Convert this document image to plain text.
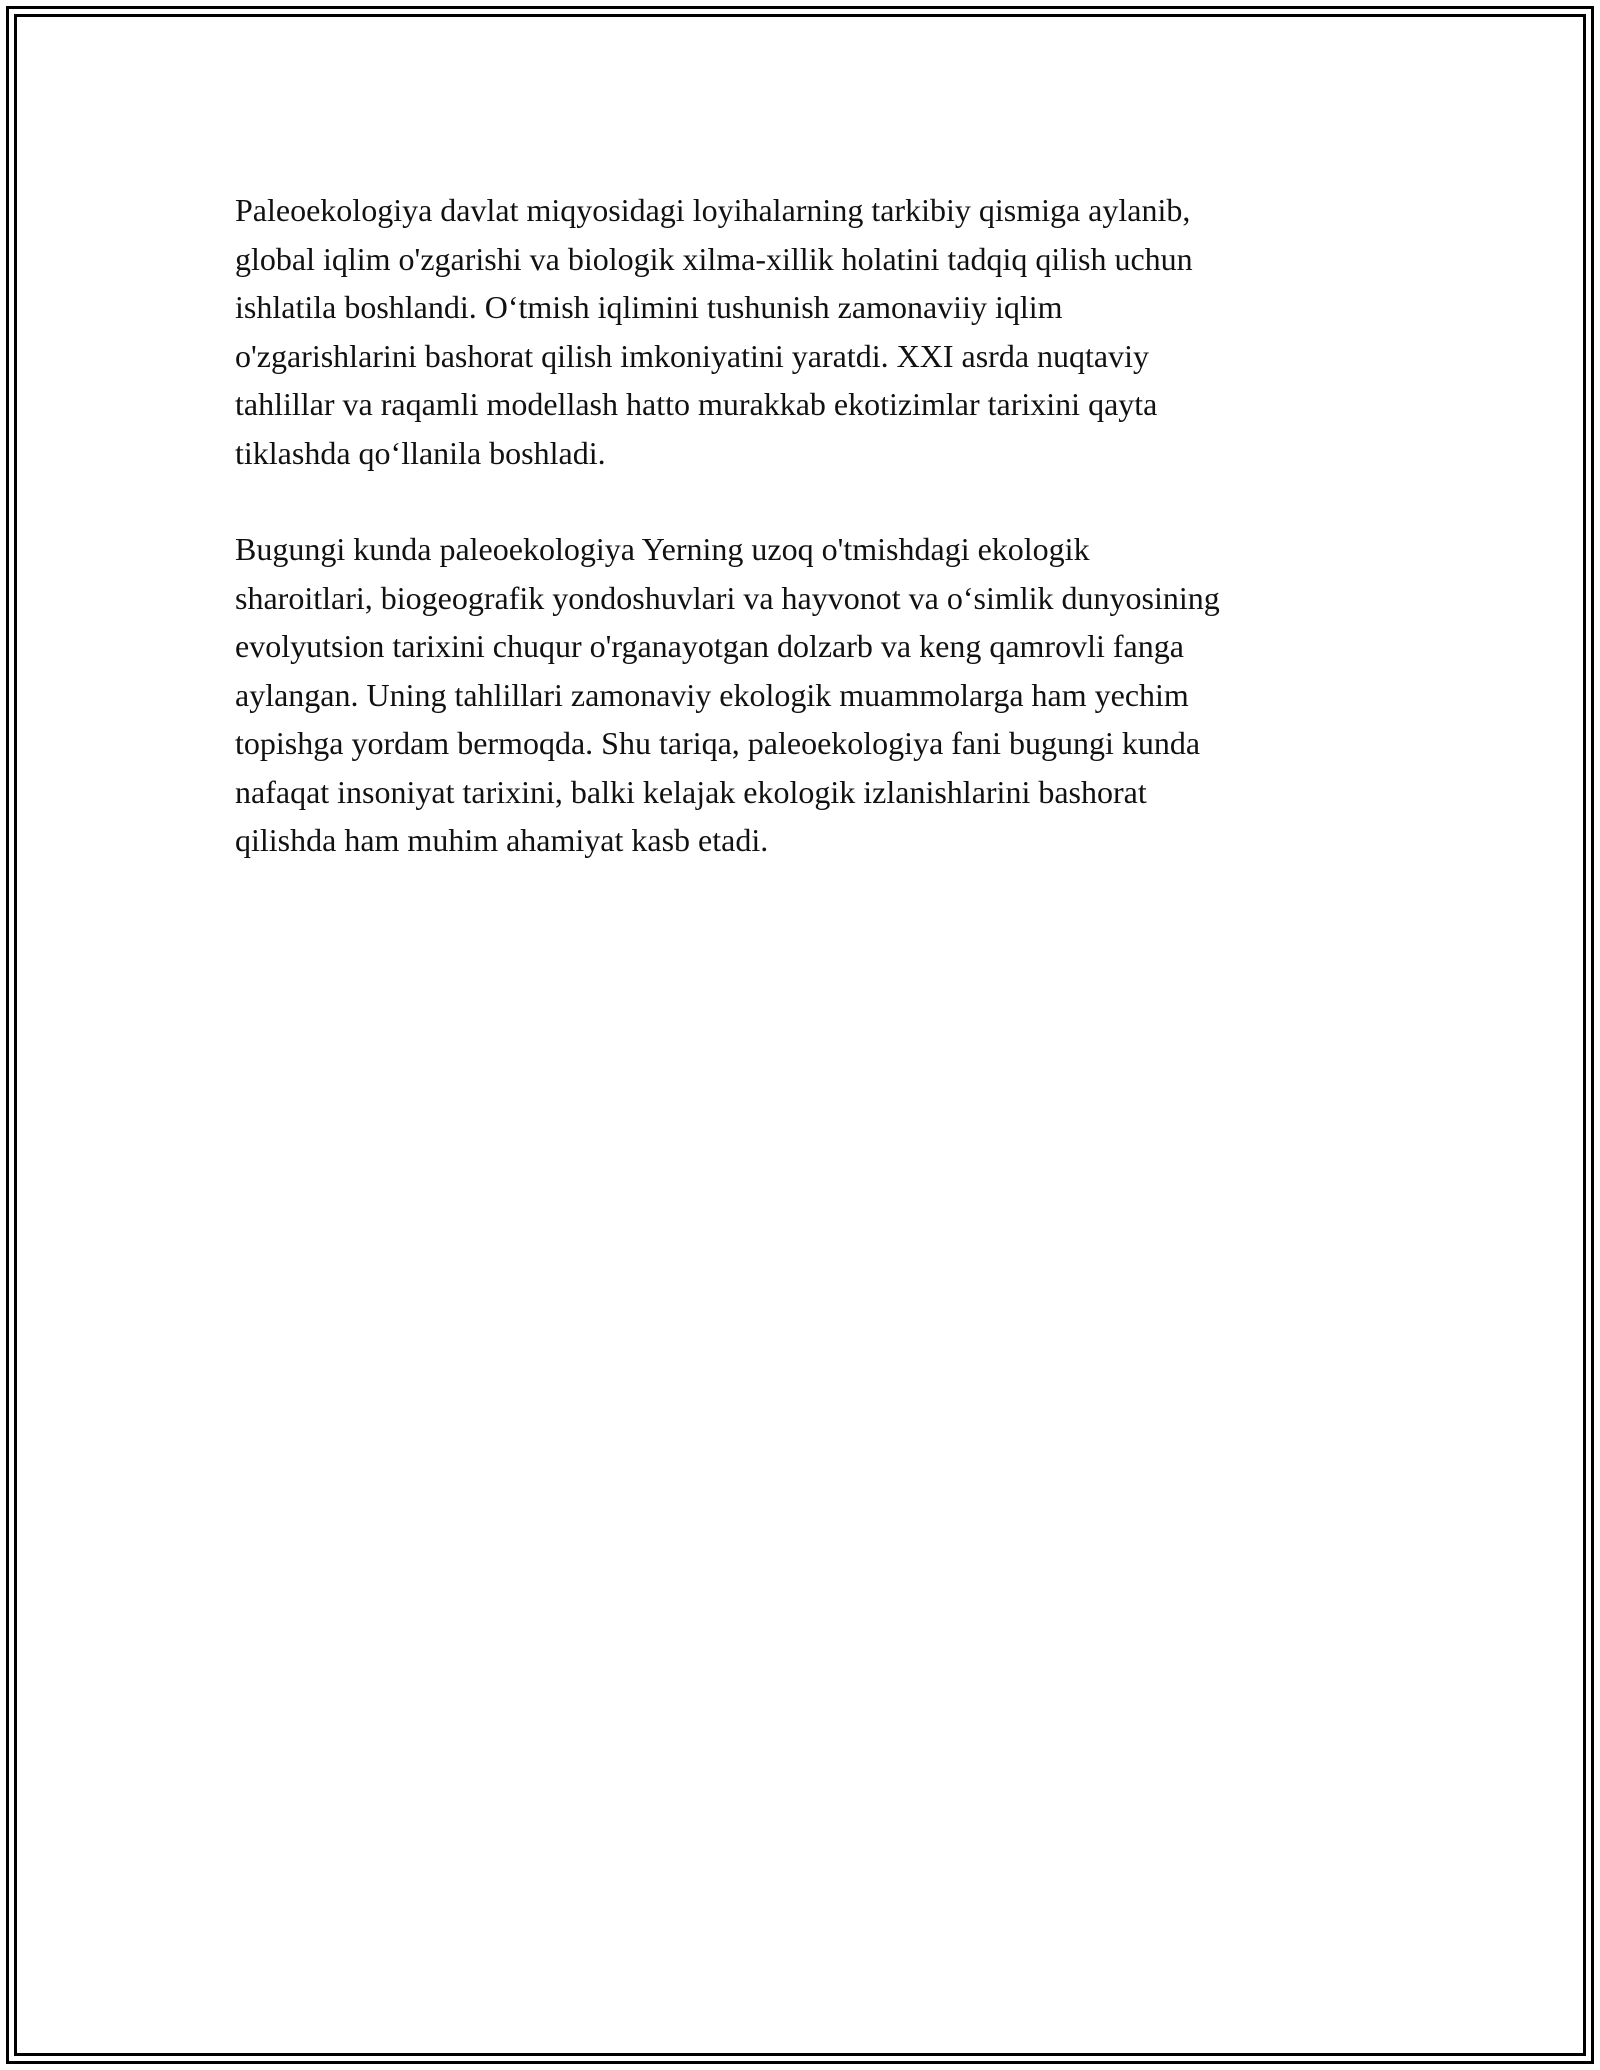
Paleoekologiya davlat miqyosidagi loyihalarning tarkibiy qismiga aylanib,
global iqlim o'zgarishi va biologik xilma-xillik holatini tadqiq qilish uchun
ishlatila boshlandi. O‘tmish iqlimini tushunish zamonaviiy iqlim
o'zgarishlarini bashorat qilish imkoniyatini yaratdi. XXI asrda nuqtaviy
tahlillar va raqamli modellash hatto murakkab ekotizimlar tarixini qayta
tiklashda qo‘llanila boshladi.

Bugungi kunda paleoekologiya Yerning uzoq o'tmishdagi ekologik
sharoitlari, biogeografik yondoshuvlari va hayvonot va o‘simlik dunyosining
evolyutsion tarixini chuqur o'rganayotgan dolzarb va keng qamrovli fanga
aylangan. Uning tahlillari zamonaviy ekologik muammolarga ham yechim
topishga yordam bermoqda. Shu tariqa, paleoekologiya fani bugungi kunda
nafaqat insoniyat tarixini, balki kelajak ekologik izlanishlarini bashorat
qilishda ham muhim ahamiyat kasb etadi.
